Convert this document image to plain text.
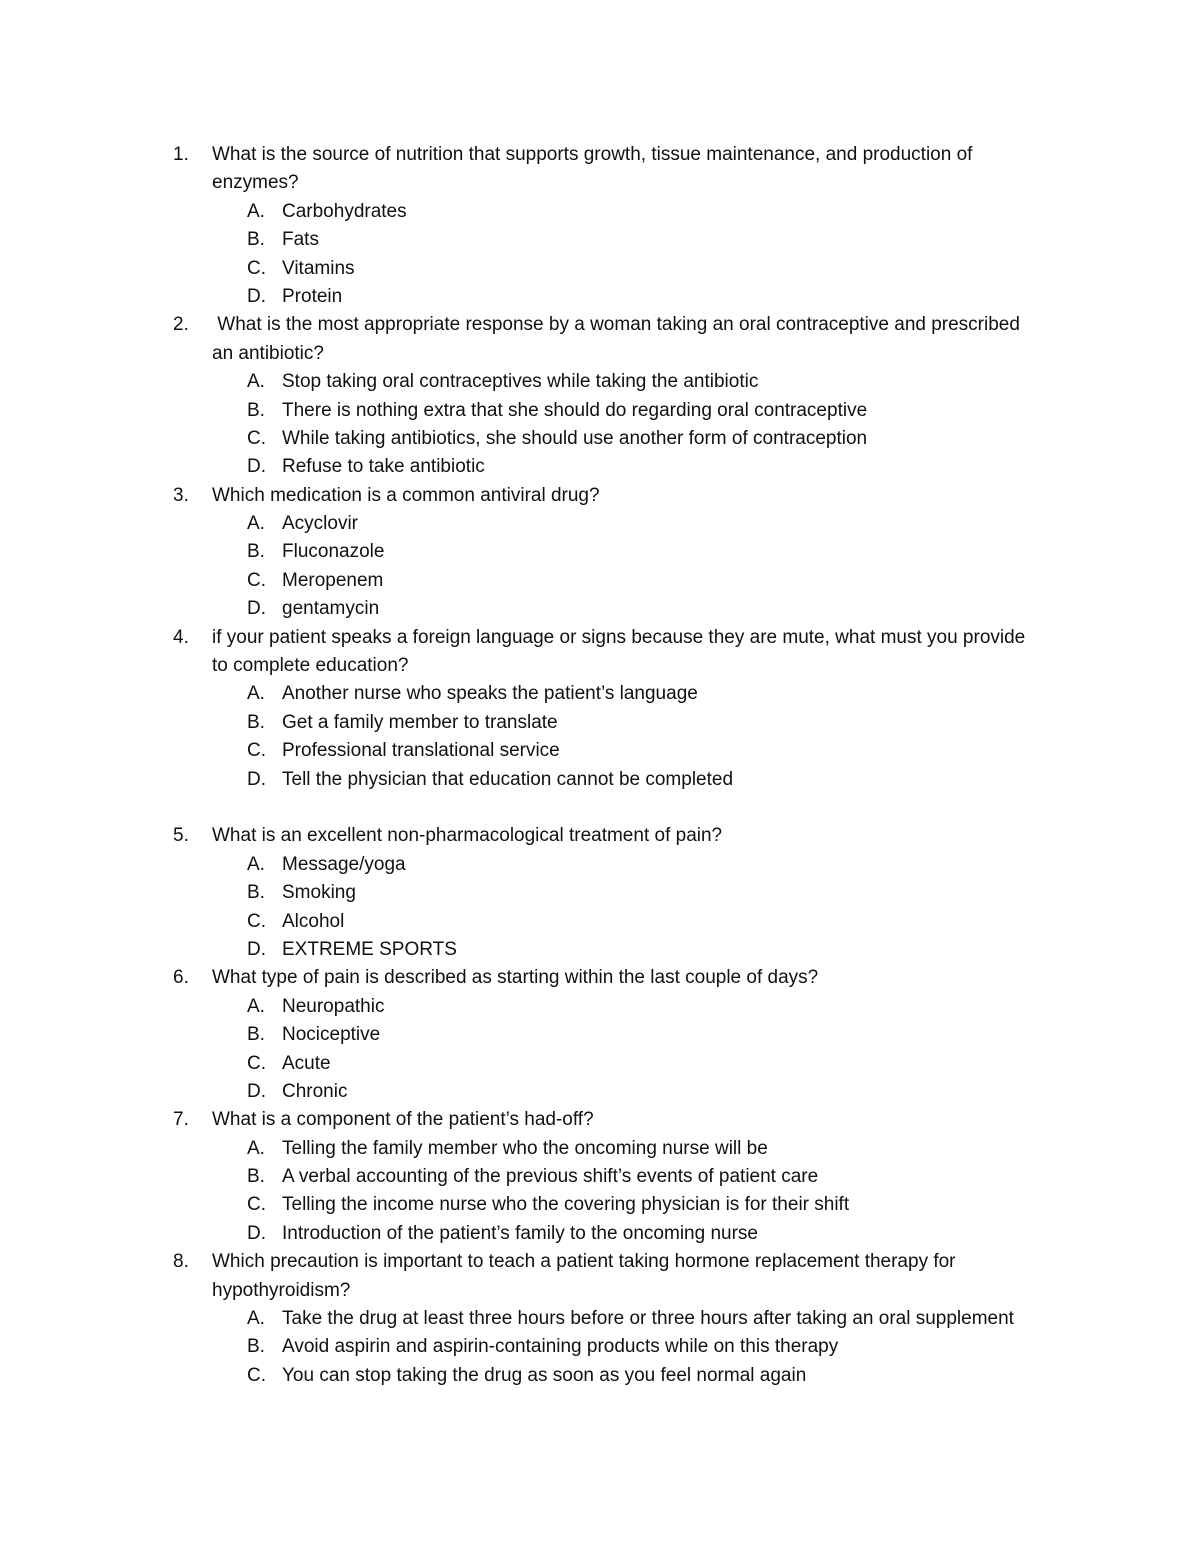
1. What is the source of nutrition that supports growth, tissue maintenance, and production of
enzymes?
A. Carbohydrates
B. Fats
C. Vitamins
D. Protein
2. What is the most appropriate response by a woman taking an oral contraceptive and prescribed
an antibiotic?
A. Stop taking oral contraceptives while taking the antibiotic
B. There is nothing extra that she should do regarding oral contraceptive
C. While taking antibiotics, she should use another form of contraception
D. Refuse to take antibiotic
3. Which medication is a common antiviral drug?
A. Acyclovir
B. Fluconazole
C. Meropenem
D. gentamycin
4. if your patient speaks a foreign language or signs because they are mute, what must you provide
to complete education?
A. Another nurse who speaks the patient’s language
B. Get a family member to translate
C. Professional translational service
D. Tell the physician that education cannot be completed
5. What is an excellent non-pharmacological treatment of pain?
A. Message/yoga
B. Smoking
C. Alcohol
D. EXTREME SPORTS
6. What type of pain is described as starting within the last couple of days?
A. Neuropathic
B. Nociceptive
C. Acute
D. Chronic
7. What is a component of the patient’s had-off?
A. Telling the family member who the oncoming nurse will be
B. A verbal accounting of the previous shift’s events of patient care
C. Telling the income nurse who the covering physician is for their shift
D. Introduction of the patient’s family to the oncoming nurse
8. Which precaution is important to teach a patient taking hormone replacement therapy for
hypothyroidism?
A. Take the drug at least three hours before or three hours after taking an oral supplement
B. Avoid aspirin and aspirin-containing products while on this therapy
C. You can stop taking the drug as soon as you feel normal again
